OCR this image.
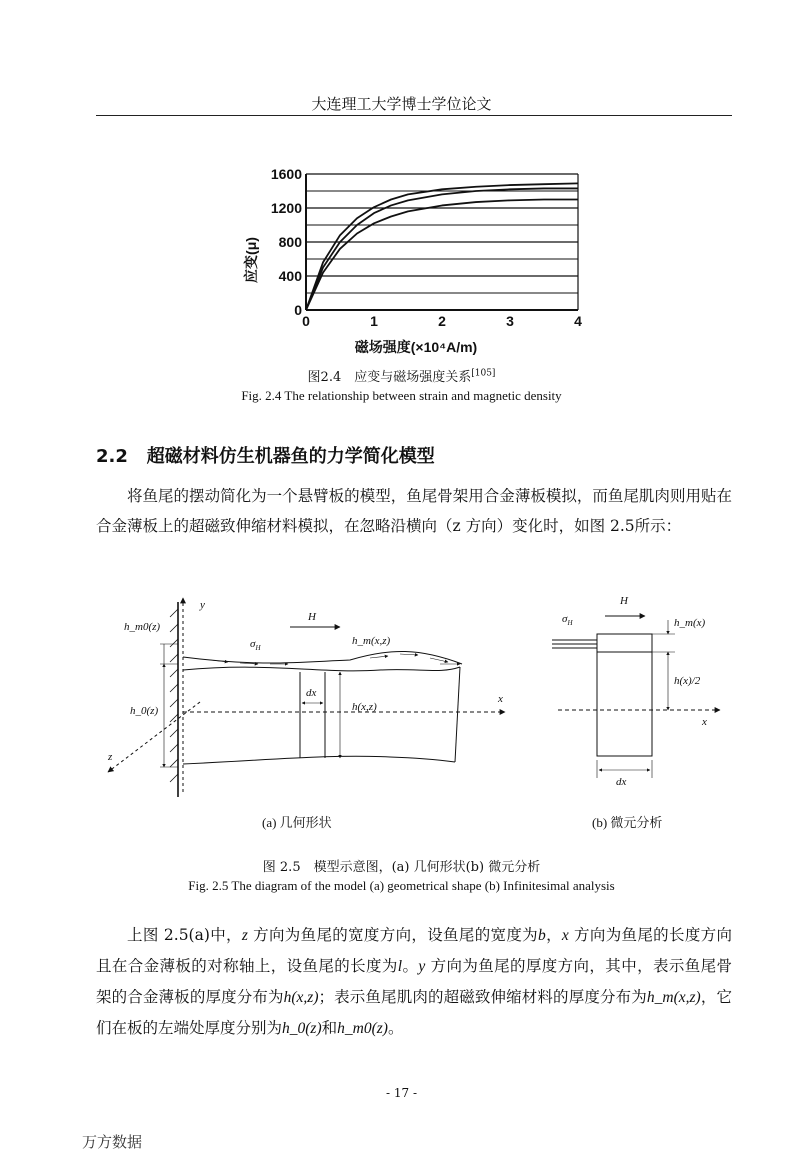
大连理工大学博士学位论文
0	1	2	3	4
0
400
800
1200
1600
磁场强度(×10⁴A/m)
应变(μ)
图2.4　应变与磁场强度关系[105]
Fig. 2.4 The relationship between strain and magnetic density
2.2 超磁材料仿生机器鱼的力学简化模型
将鱼尾的摆动简化为一个悬臂板的模型，鱼尾骨架用合金薄板模拟，而鱼尾肌肉则用贴在合金薄板上的超磁致伸缩材料模拟，在忽略沿横向（z 方向）变化时，如图 2.5所示：
y
H
$\sigma_H$
h_m0(z)
h_0(z)
dx
h(x,z)
h_m(x,z)
x
z
H
$\sigma_H$	h_m(x)
h(x)/2
x
dx
(a) 几何形状	(b) 微元分析
图 2.5　模型示意图，(a) 几何形状(b) 微元分析
Fig. 2.5 The diagram of the model (a) geometrical shape (b) Infinitesimal analysis
上图 2.5(a)中，z 方向为鱼尾的宽度方向，设鱼尾的宽度为b，x 方向为鱼尾的长度方向且在合金薄板的对称轴上，设鱼尾的长度为l。y 方向为鱼尾的厚度方向，其中，表示鱼尾骨架的合金薄板的厚度分布为h(x,z)；表示鱼尾肌肉的超磁致伸缩材料的厚度分布为h_m(x,z)，它们在板的左端处厚度分别为h_0(z)和h_m0(z)。
- 17 -
万方数据
